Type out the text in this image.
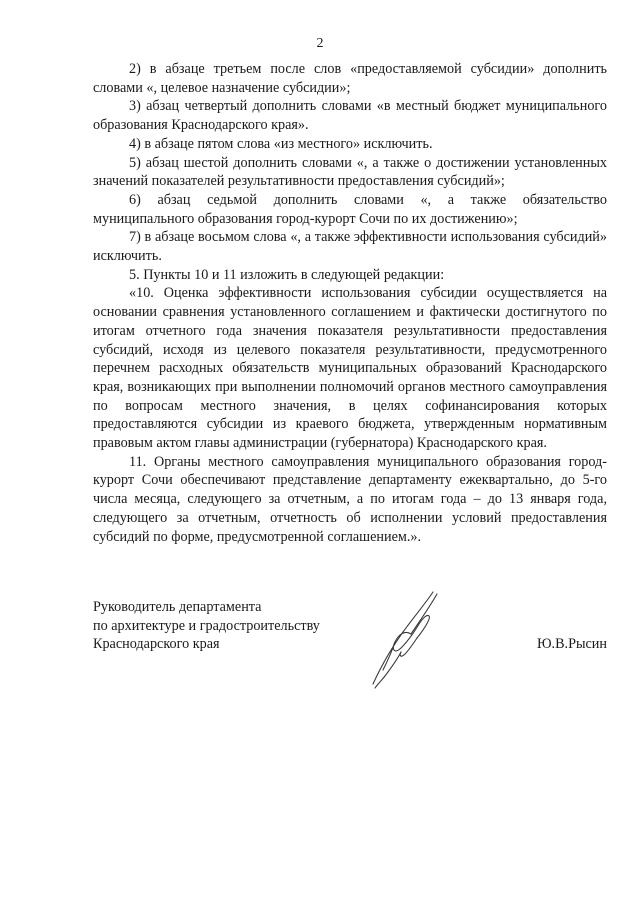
2

2) в абзаце третьем после слов «предоставляемой субсидии» дополнить словами «, целевое назначение субсидии»;

3) абзац четвертый дополнить словами «в местный бюджет муниципального образования Краснодарского края».

4) в абзаце пятом слова «из местного» исключить.

5) абзац шестой дополнить словами «, а также о достижении установленных значений показателей результативности предоставления субсидий»;

6) абзац седьмой дополнить словами «, а также обязательство муниципального образования город-курорт Сочи по их достижению»;

7) в абзаце восьмом слова «, а также эффективности использования субсидий» исключить.

5. Пункты 10 и 11 изложить в следующей редакции:

«10. Оценка эффективности использования субсидии осуществляется на основании сравнения установленного соглашением и фактически достигнутого по итогам отчетного года значения показателя результативности предоставления субсидий, исходя из целевого показателя результативности, предусмотренного перечнем расходных обязательств муниципальных образований Краснодарского края, возникающих при выполнении полномочий органов местного самоуправления по вопросам местного значения, в целях софинансирования которых предоставляются субсидии из краевого бюджета, утвержденным нормативным правовым актом главы администрации (губернатора) Краснодарского края.

11. Органы местного самоуправления муниципального образования город-курорт Сочи обеспечивают представление департаменту ежеквартально, до 5-го числа месяца, следующего за отчетным, а по итогам года – до 13 января года, следующего за отчетным, отчетность об исполнении условий предоставления субсидий по форме, предусмотренной соглашением.».

Руководитель департамента
по архитектуре и градостроительству
Краснодарского края	Ю.В.Рысин
